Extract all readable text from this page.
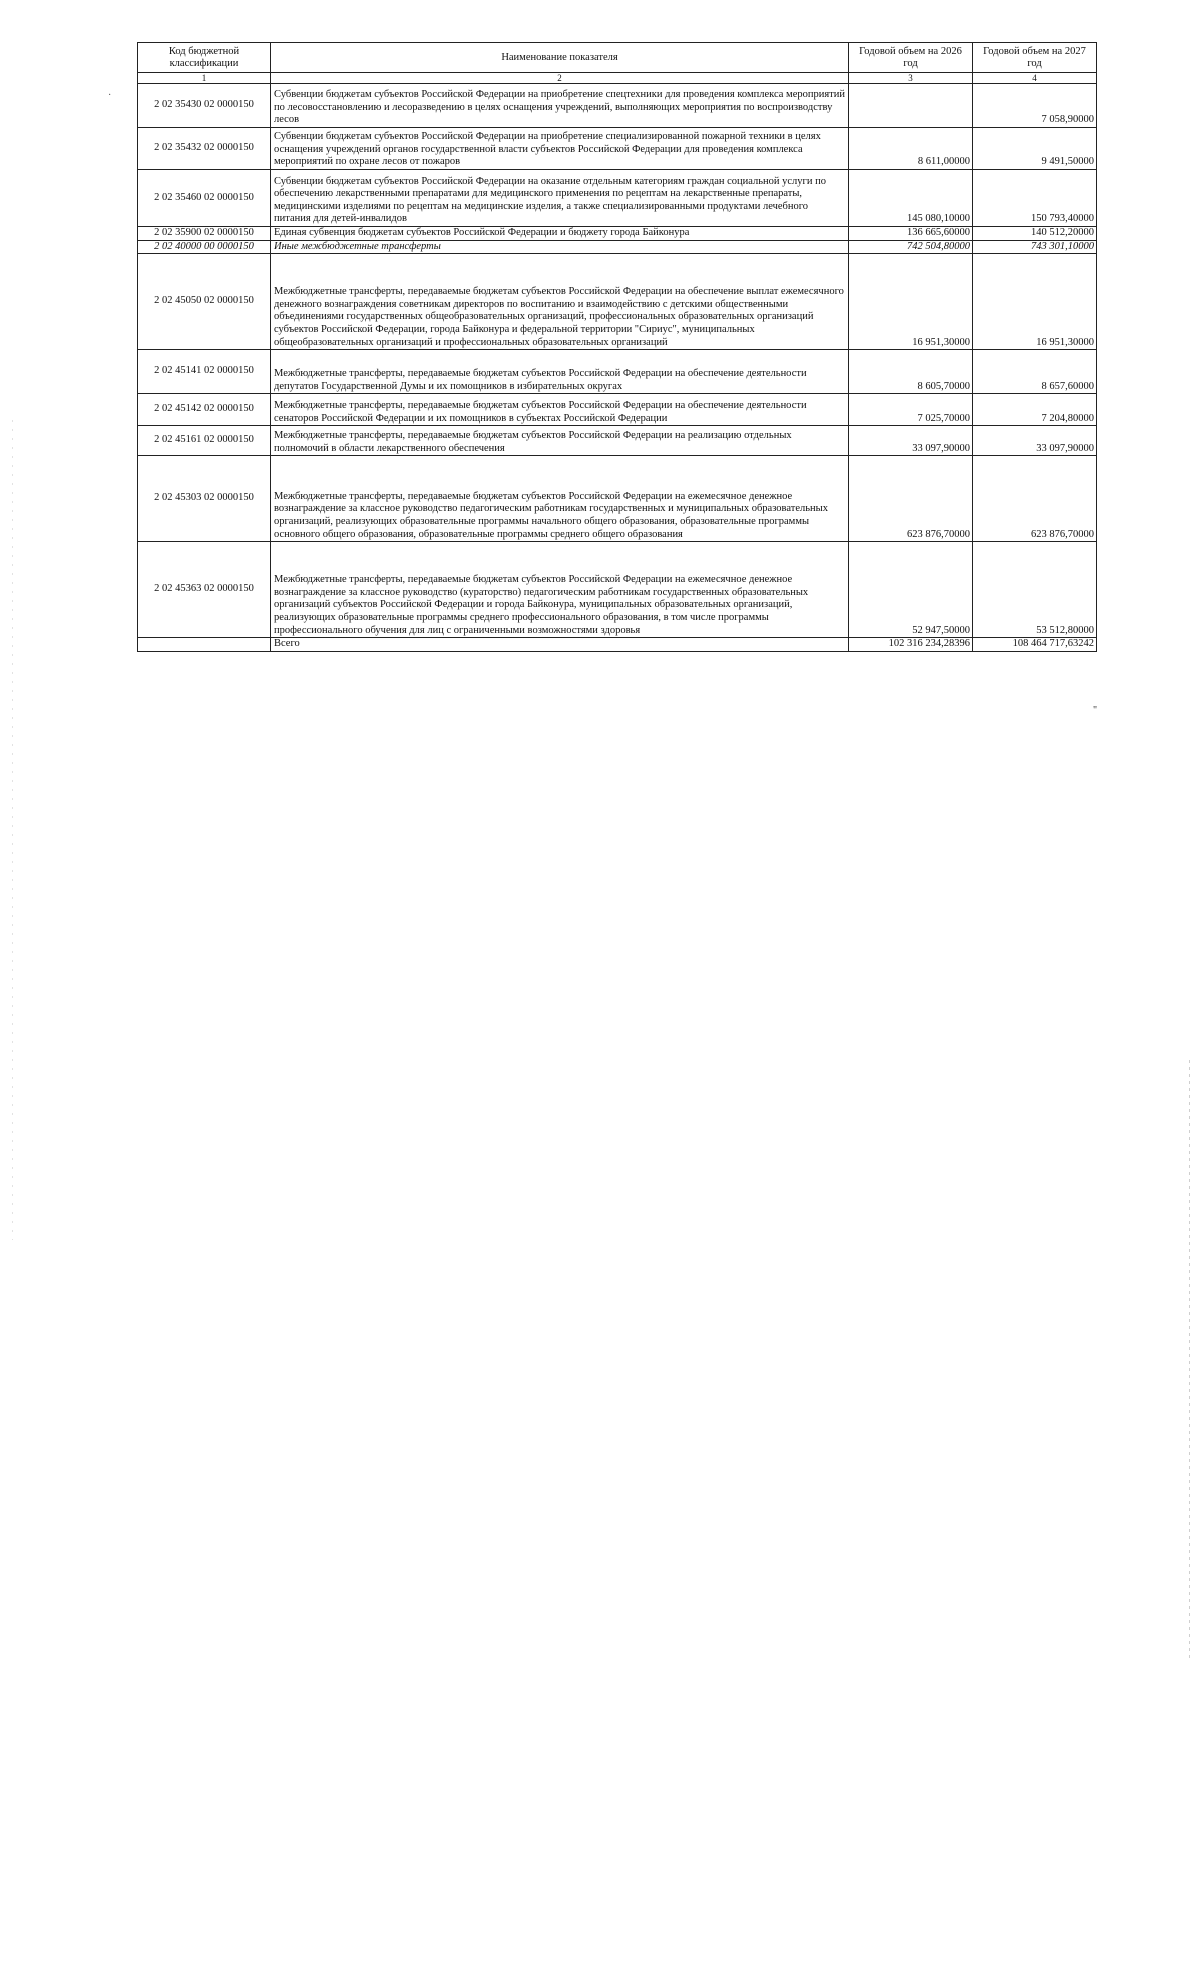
·
Код бюджетной классификации	Наименование показателя	Годовой объем на 2026 год	Годовой объем на 2027 год
1	2	3	4
2 02 35430 02 0000150	Субвенции бюджетам субъектов Российской Федерации на приобретение спецтехники для проведения комплекса мероприятий по лесовосстановлению и лесоразведению в целях оснащения учреждений, выполняющих мероприятия по воспроизводству лесов		7 058,90000
2 02 35432 02 0000150	Субвенции бюджетам субъектов Российской Федерации на приобретение специализированной пожарной техники в целях оснащения учреждений органов государственной власти субъектов Российской Федерации для проведения комплекса мероприятий по охране лесов от пожаров	8 611,00000	9 491,50000
2 02 35460 02 0000150	Субвенции бюджетам субъектов Российской Федерации на оказание отдельным категориям граждан социальной услуги по обеспечению лекарственными препаратами для медицинского применения по рецептам на лекарственные препараты, медицинскими изделиями по рецептам на медицинские изделия, а также специализированными продуктами лечебного питания для детей-инвалидов	145 080,10000	150 793,40000
2 02 35900 02 0000150	Единая субвенция бюджетам субъектов Российской Федерации и бюджету города Байконура	136 665,60000	140 512,20000
2 02 40000 00 0000150	Иные межбюджетные трансферты	742 504,80000	743 301,10000
2 02 45050 02 0000150	Межбюджетные трансферты, передаваемые бюджетам субъектов Российской Федерации на обеспечение выплат ежемесячного денежного вознаграждения советникам директоров по воспитанию и взаимодействию с детскими общественными объединениями государственных общеобразовательных организаций, профессиональных образовательных организаций субъектов Российской Федерации, города Байконура и федеральной территории "Сириус", муниципальных общеобразовательных организаций и профессиональных образовательных организаций	16 951,30000	16 951,30000
2 02 45141 02 0000150	Межбюджетные трансферты, передаваемые бюджетам субъектов Российской Федерации на обеспечение деятельности депутатов Государственной Думы и их помощников в избирательных округах	8 605,70000	8 657,60000
2 02 45142 02 0000150	Межбюджетные трансферты, передаваемые бюджетам субъектов Российской Федерации на обеспечение деятельности сенаторов Российской Федерации и их помощников в субъектах Российской Федерации	7 025,70000	7 204,80000
2 02 45161 02 0000150	Межбюджетные трансферты, передаваемые бюджетам субъектов Российской Федерации на реализацию отдельных полномочий в области лекарственного обеспечения	33 097,90000	33 097,90000
2 02 45303 02 0000150	Межбюджетные трансферты, передаваемые бюджетам субъектов Российской Федерации на ежемесячное денежное вознаграждение за классное руководство педагогическим работникам государственных и муниципальных образовательных организаций, реализующих образовательные программы начального общего образования, образовательные программы основного общего образования, образовательные программы среднего общего образования	623 876,70000	623 876,70000
2 02 45363 02 0000150	Межбюджетные трансферты, передаваемые бюджетам субъектов Российской Федерации на ежемесячное денежное вознаграждение за классное руководство (кураторство) педагогическим работникам государственных образовательных организаций субъектов Российской Федерации и города Байконура, муниципальных образовательных организаций, реализующих образовательные программы среднего профессионального образования, в том числе программы профессионального обучения для лиц с ограниченными возможностями здоровья	52 947,50000	53 512,80000
	Всего	102 316 234,28396	108 464 717,63242
"
